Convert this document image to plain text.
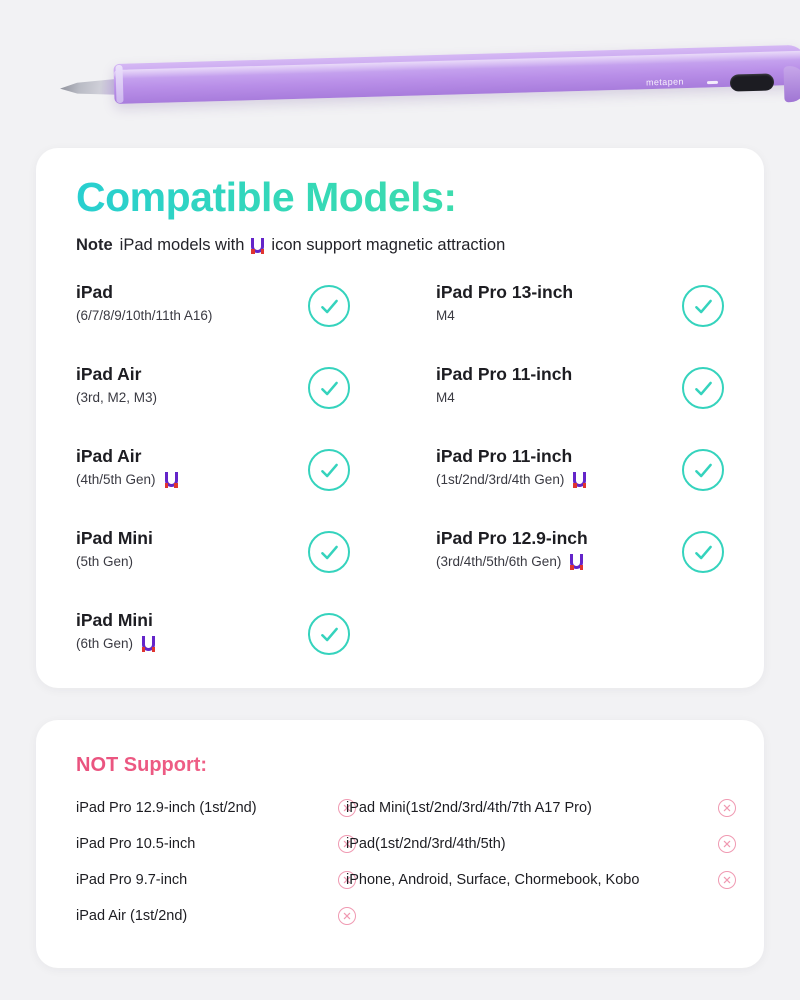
metapen
Compatible Models:
Note iPad models with icon support magnetic attraction
iPad
(6/7/8/9/10th/11th A16)
iPad Air
(3rd, M2, M3)
iPad Air
(4th/5th Gen)
iPad Mini
(5th Gen)
iPad Mini
(6th Gen)
iPad Pro 13-inch
M4
iPad Pro 11-inch
M4
iPad Pro 11-inch
(1st/2nd/3rd/4th Gen)
iPad Pro 12.9-inch
(3rd/4th/5th/6th Gen)
NOT Support:
iPad Pro 12.9-inch (1st/2nd)
iPad Pro 10.5-inch
iPad Pro 9.7-inch
iPad Air (1st/2nd)
iPad Mini(1st/2nd/3rd/4th/7th A17 Pro)
iPad(1st/2nd/3rd/4th/5th)
iPhone, Android, Surface, Chormebook, Kobo
